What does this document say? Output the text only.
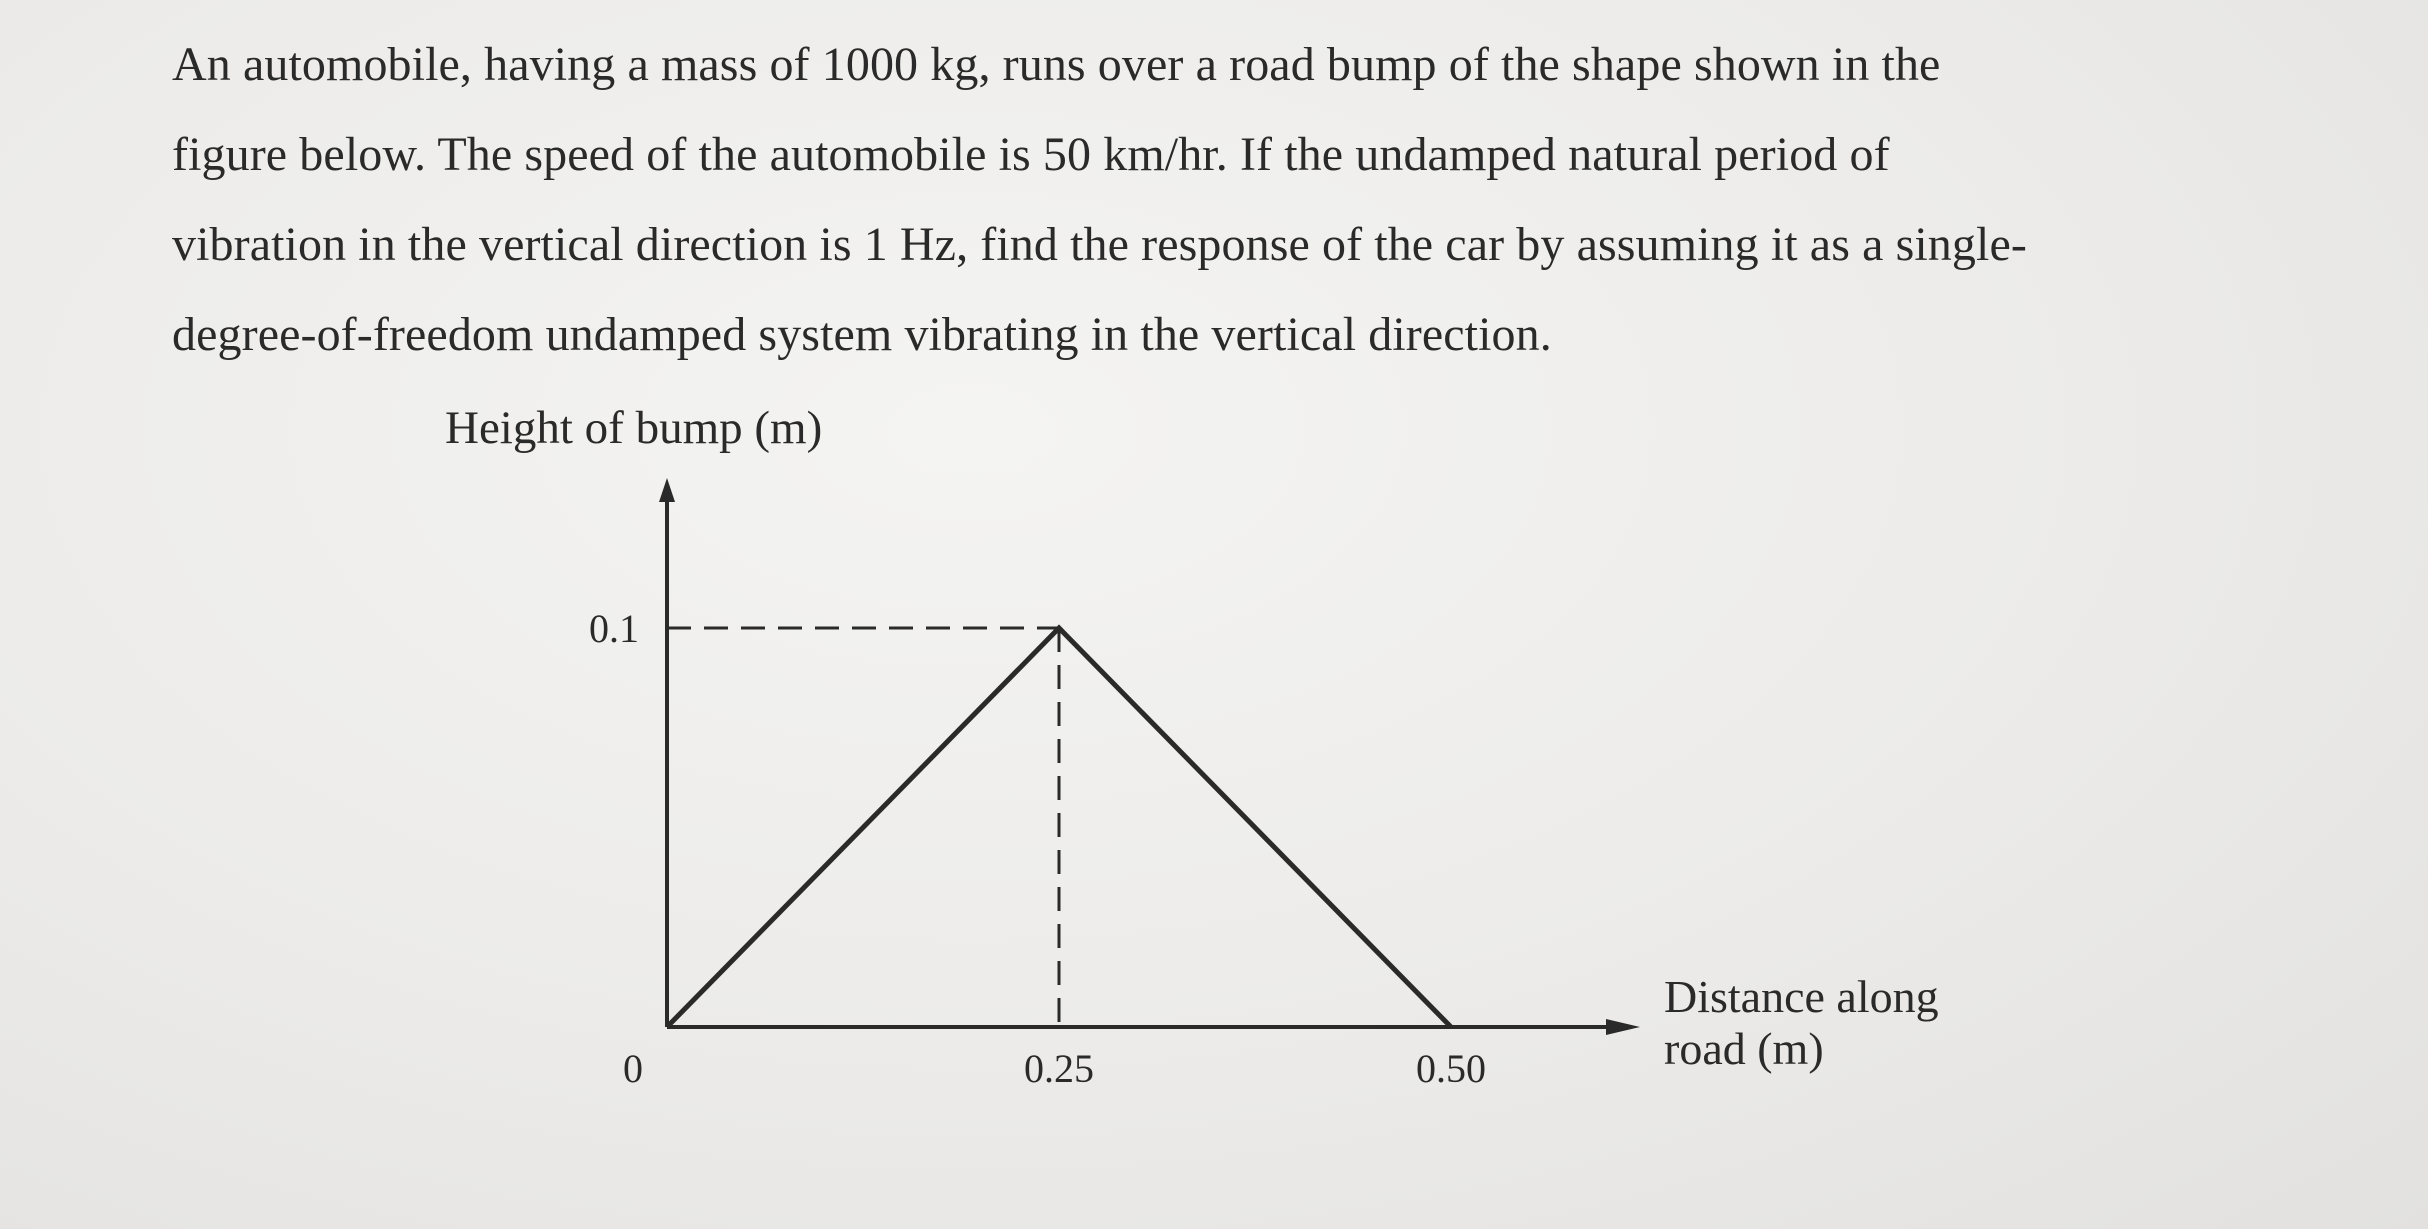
An automobile, having a mass of 1000 kg, runs over a road bump of the shape shown in the
figure below. The speed of the automobile is 50 km/hr. If the undamped natural period of
vibration in the vertical direction is 1 Hz, find the response of the car by assuming it as a single-
degree-of-freedom undamped system vibrating in the vertical direction.
Height of bump (m)
0.1
0	0.25	0.50
Distance along
road (m)
